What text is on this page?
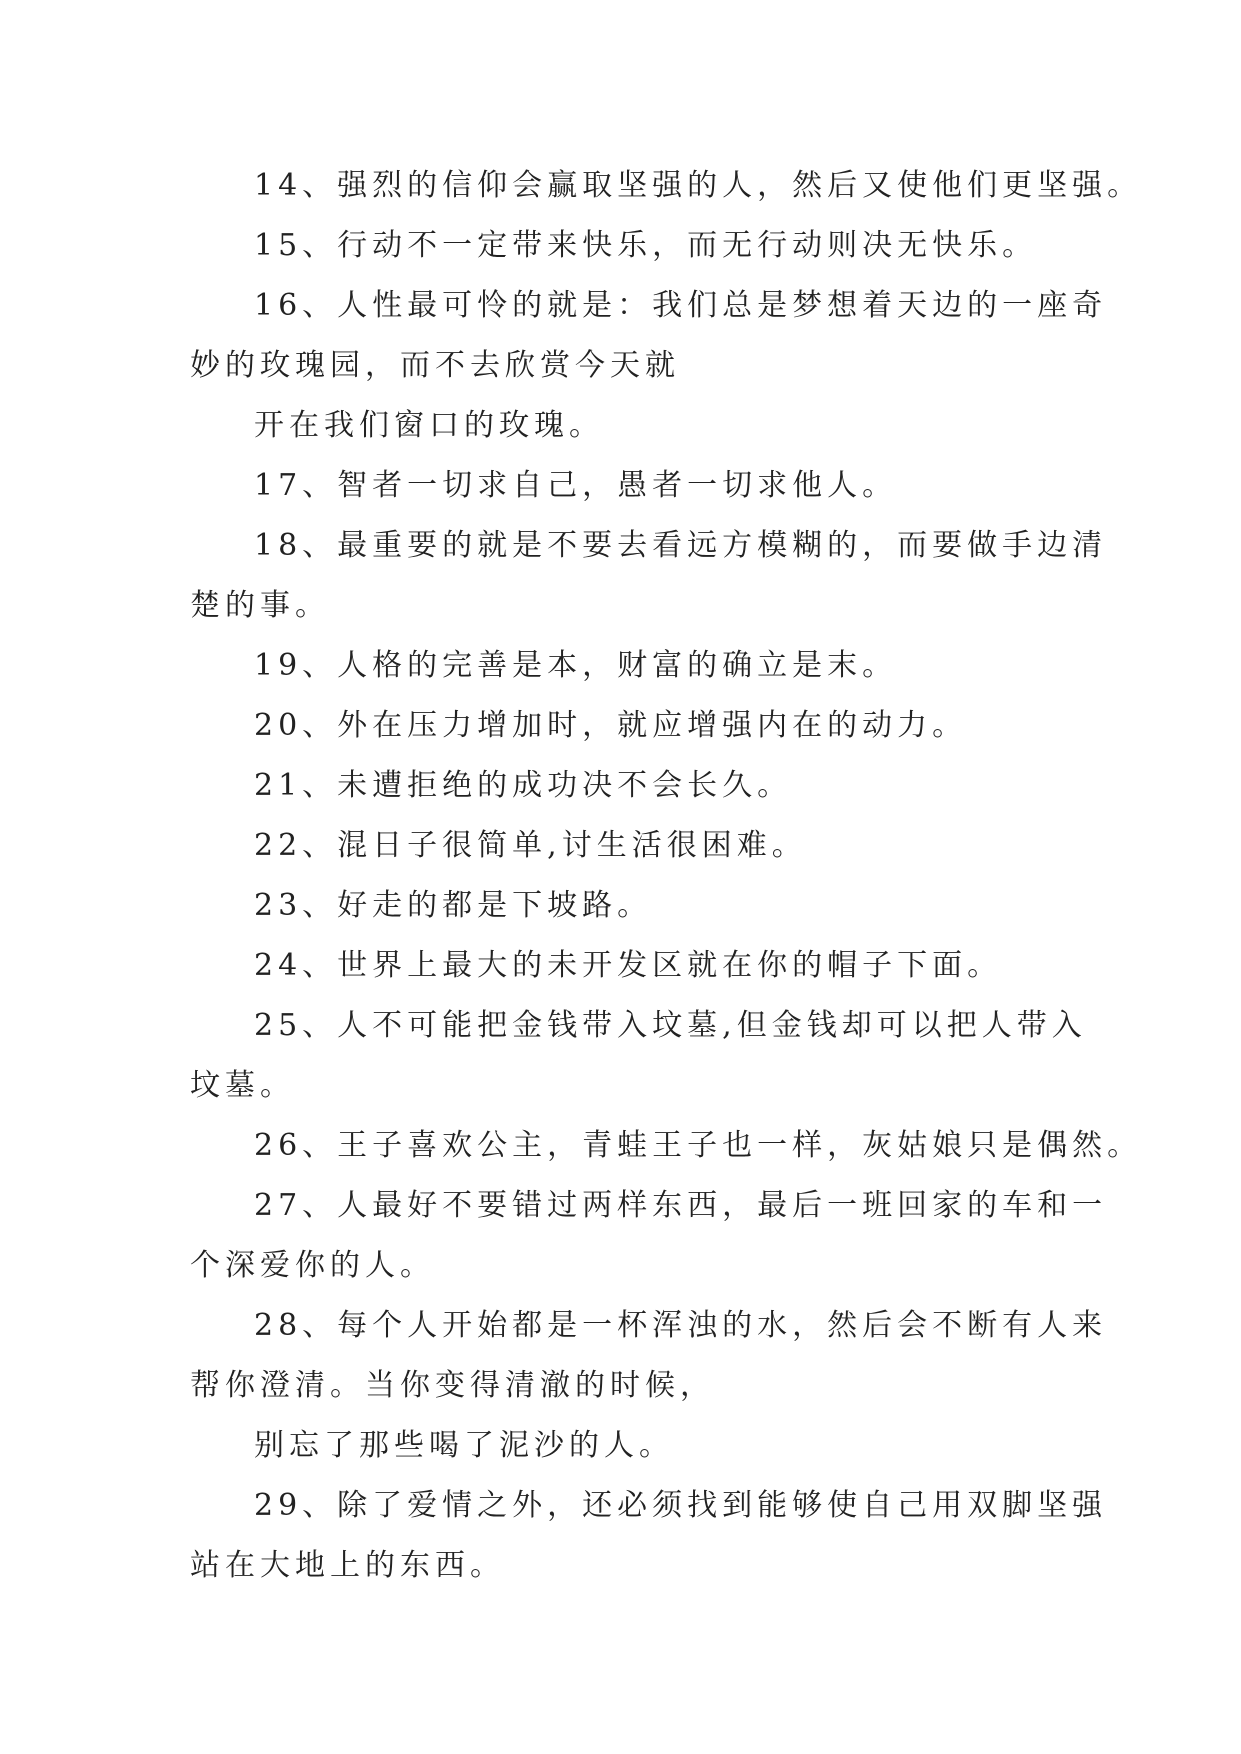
14、强烈的信仰会赢取坚强的人，然后又使他们更坚强。

15、行动不一定带来快乐，而无行动则决无快乐。

16、人性最可怜的就是：我们总是梦想着天边的一座奇

妙的玫瑰园，而不去欣赏今天就

开在我们窗口的玫瑰。

17、智者一切求自己，愚者一切求他人。

18、最重要的就是不要去看远方模糊的，而要做手边清

楚的事。

19、人格的完善是本，财富的确立是末。

20、外在压力增加时，就应增强内在的动力。

21、未遭拒绝的成功决不会长久。

22、混日子很简单,讨生活很困难。

23、好走的都是下坡路。

24、世界上最大的未开发区就在你的帽子下面。

25、人不可能把金钱带入坟墓,但金钱却可以把人带入

坟墓。

26、王子喜欢公主，青蛙王子也一样，灰姑娘只是偶然。

27、人最好不要错过两样东西，最后一班回家的车和一

个深爱你的人。

28、每个人开始都是一杯浑浊的水，然后会不断有人来

帮你澄清。当你变得清澈的时候，

别忘了那些喝了泥沙的人。

29、除了爱情之外，还必须找到能够使自己用双脚坚强

站在大地上的东西。
